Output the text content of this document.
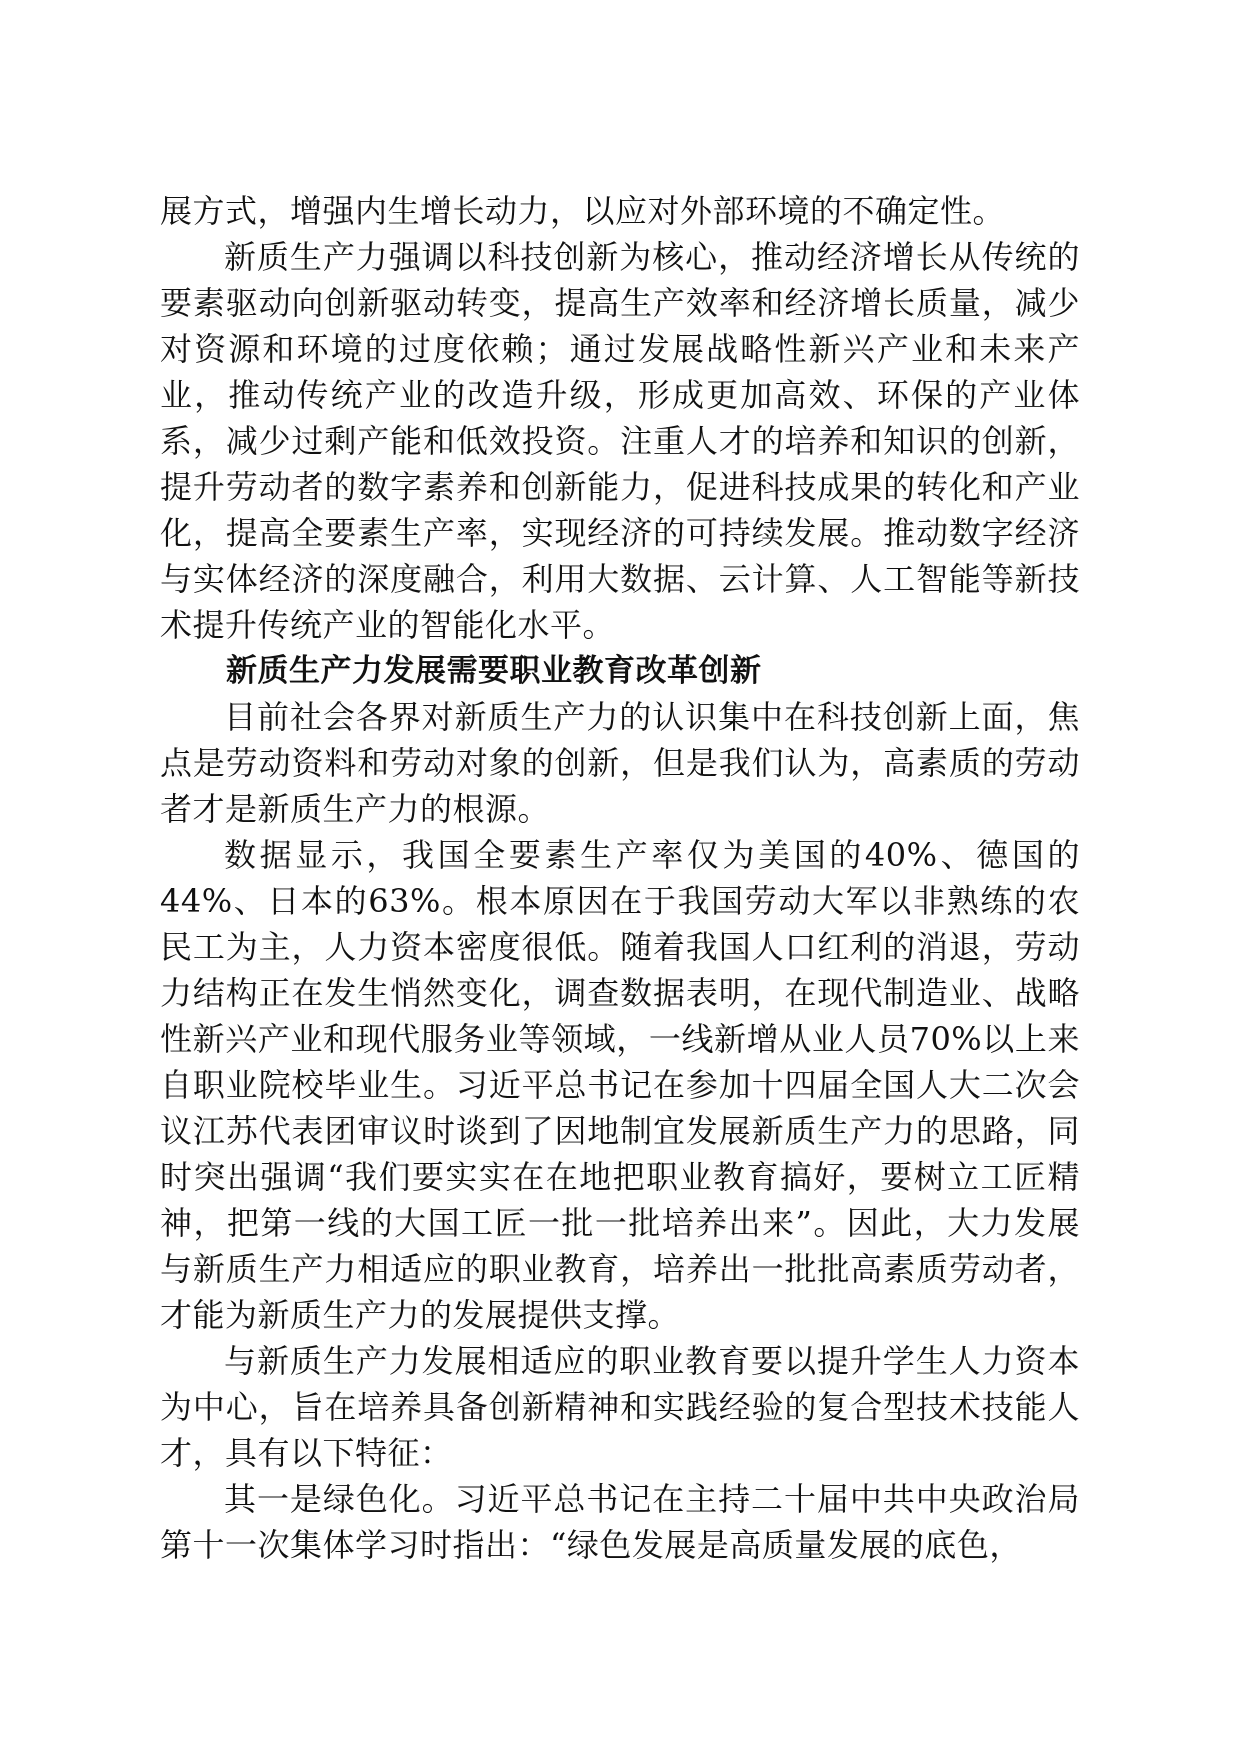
展方式，增强内生增长动力，以应对外部环境的不确定性。

新质生产力强调以科技创新为核心，推动经济增长从传统的要素驱动向创新驱动转变，提高生产效率和经济增长质量，减少对资源和环境的过度依赖；通过发展战略性新兴产业和未来产业，推动传统产业的改造升级，形成更加高效、环保的产业体系，减少过剩产能和低效投资。注重人才的培养和知识的创新，提升劳动者的数字素养和创新能力，促进科技成果的转化和产业化，提高全要素生产率，实现经济的可持续发展。推动数字经济与实体经济的深度融合，利用大数据、云计算、人工智能等新技术提升传统产业的智能化水平。

新质生产力发展需要职业教育改革创新

目前社会各界对新质生产力的认识集中在科技创新上面，焦点是劳动资料和劳动对象的创新，但是我们认为，高素质的劳动者才是新质生产力的根源。

数据显示，我国全要素生产率仅为美国的40%、德国的44%、日本的63%。根本原因在于我国劳动大军以非熟练的农民工为主，人力资本密度很低。随着我国人口红利的消退，劳动力结构正在发生悄然变化，调查数据表明，在现代制造业、战略性新兴产业和现代服务业等领域，一线新增从业人员70%以上来自职业院校毕业生。习近平总书记在参加十四届全国人大二次会议江苏代表团审议时谈到了因地制宜发展新质生产力的思路，同时突出强调“我们要实实在在地把职业教育搞好，要树立工匠精神，把第一线的大国工匠一批一批培养出来”。因此，大力发展与新质生产力相适应的职业教育，培养出一批批高素质劳动者，才能为新质生产力的发展提供支撑。

与新质生产力发展相适应的职业教育要以提升学生人力资本为中心，旨在培养具备创新精神和实践经验的复合型技术技能人才，具有以下特征：

其一是绿色化。习近平总书记在主持二十届中共中央政治局第十一次集体学习时指出：“绿色发展是高质量发展的底色，
